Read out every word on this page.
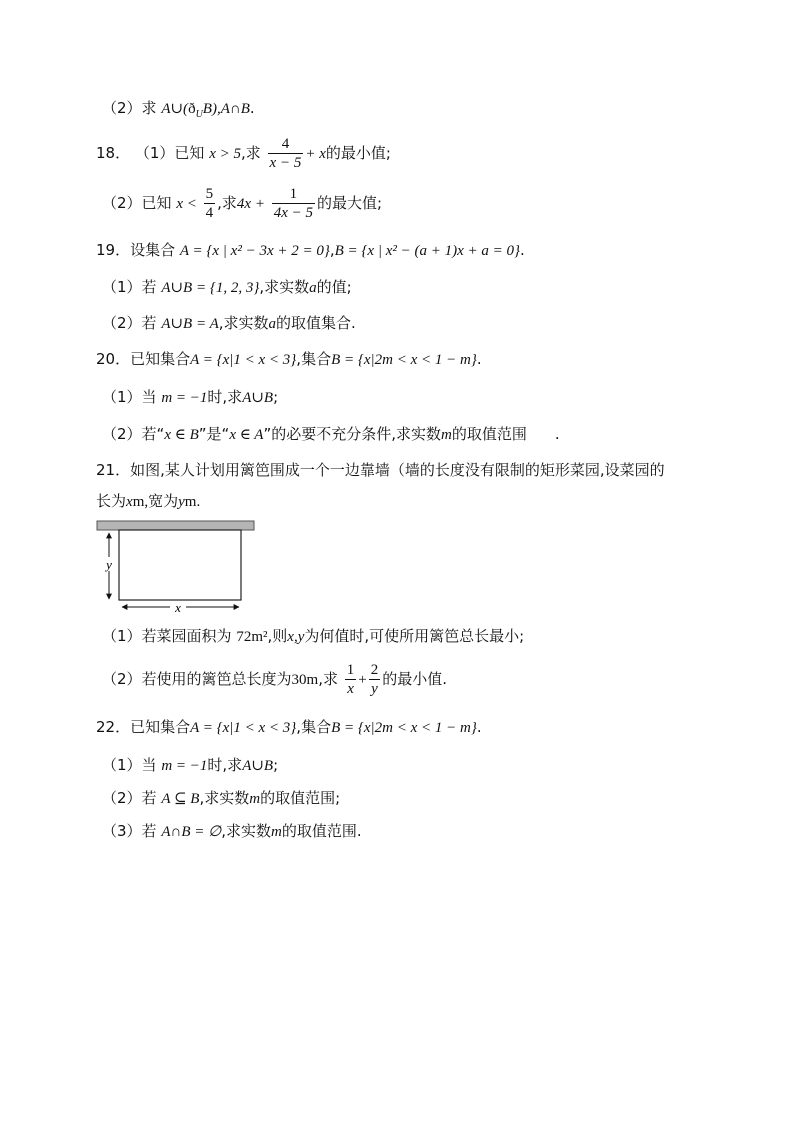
（2）求 $A\cup(ð_UB),A\cap B$.
18． （1）已知 x > 5,求 $\frac{4}{x - 5} + x$的最小值;
（2）已知 $x < \frac{5}{4}$ ,求$4x + \frac{1}{4x - 5}$ 的最大值;
19．设集合 A = {x | x² − 3x + 2 = 0},B = {x | x² − (a + 1)x + a = 0}.
（1）若 A∪B = {1, 2, 3},求实数a的值;
（2）若 A∪B = A,求实数a的取值集合.
20．已知集合A = {x|1 < x < 3},集合B = {x|2m < x < 1 − m}.
（1）当 m = −1时,求A∪B;
（2）若“x ∈ B”是“x ∈ A”的必要不充分条件,求实数m的取值范围 .
21．如图,某人计划用篱笆围成一个一边靠墙（墙的长度没有限制的矩形菜园,设菜园的
长为xm,宽为ym.
x
y
（1）若菜园面积为 72m²,则x,y为何值时,可使所用篱笆总长最小;
（2）若使用的篱笆总长度为30m,求 $\frac{1}{x} + \frac{2}{y}$ 的最小值.
22．已知集合A = {x|1 < x < 3},集合B = {x|2m < x < 1 − m}.
（1）当 m = −1时,求A∪B;
（2）若 A ⊆ B,求实数m的取值范围;
（3）若 A∩B = ∅,求实数m的取值范围.
